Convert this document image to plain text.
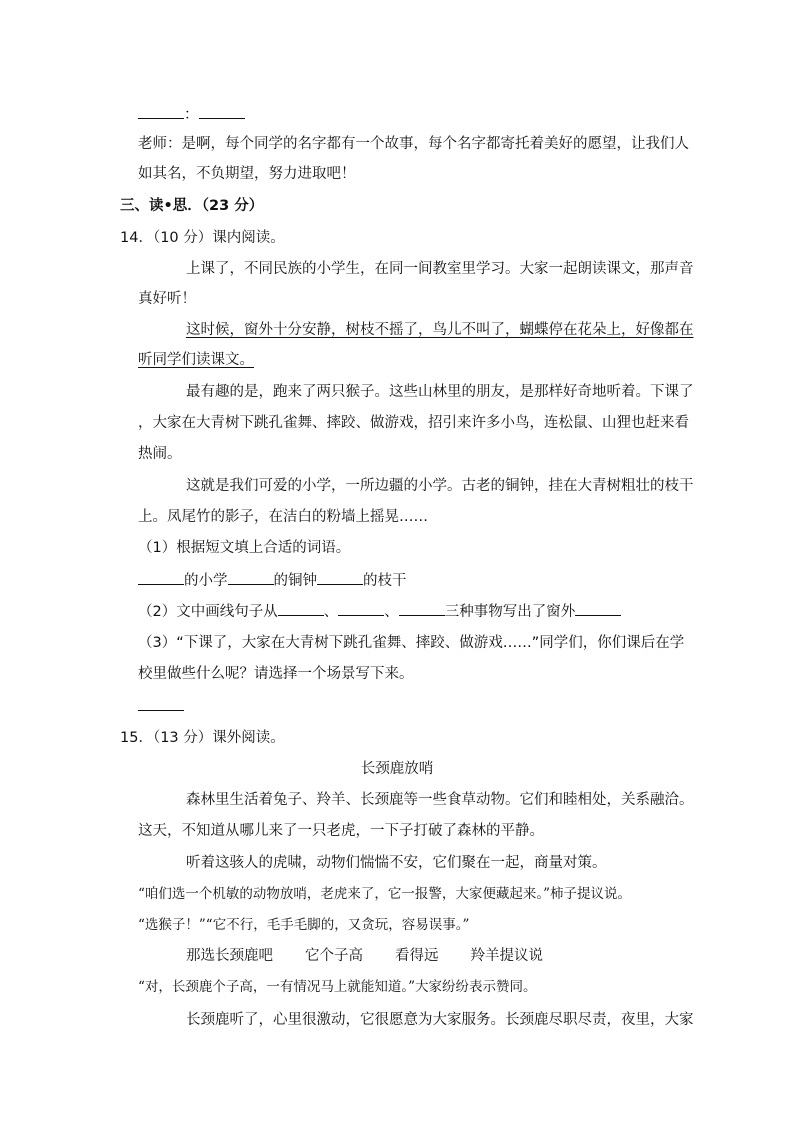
：
老师：是啊，每个同学的名字都有一个故事，每个名字都寄托着美好的愿望，让我们人
如其名，不负期望，努力进取吧！
三、读•思．（23 分）
14．（10 分）课内阅读。
上课了，不同民族的小学生，在同一间教室里学习。大家一起朗读课文，那声音
真好听！
这时候，窗外十分安静，树枝不摇了，鸟儿不叫了，蝴蝶停在花朵上，好像都在
听同学们读课文。
最有趣的是，跑来了两只猴子。这些山林里的朋友，是那样好奇地听着。下课了
，大家在大青树下跳孔雀舞、摔跤、做游戏，招引来许多小鸟，连松鼠、山狸也赶来看
热闹。
这就是我们可爱的小学，一所边疆的小学。古老的铜钟，挂在大青树粗壮的枝干
上。凤尾竹的影子，在洁白的粉墙上摇晃……
（1）根据短文填上合适的词语。
的小学	的铜钟	的枝干
（2）文中画线句子从	、	、	三种事物写出了窗外
（3）“下课了，大家在大青树下跳孔雀舞、摔跤、做游戏……”同学们，你们课后在学
校里做些什么呢？请选择一个场景写下来。
15．（13 分）课外阅读。
长颈鹿放哨
森林里生活着兔子、羚羊、长颈鹿等一些食草动物。它们和睦相处，关系融洽。
这天，不知道从哪儿来了一只老虎，一下子打破了森林的平静。
听着这骇人的虎啸，动物们惴惴不安，它们聚在一起，商量对策。
“咱们选一个机敏的动物放哨，老虎来了，它一报警，大家便藏起来。”柿子提议说。
“选猴子！”“它不行，毛手毛脚的，又贪玩，容易误事。”
那选长颈鹿吧 它个子高 看得远 羚羊提议说
“对，长颈鹿个子高，一有情况马上就能知道。”大家纷纷表示赞同。
长颈鹿听了，心里很激动，它很愿意为大家服务。长颈鹿尽职尽责，夜里，大家
